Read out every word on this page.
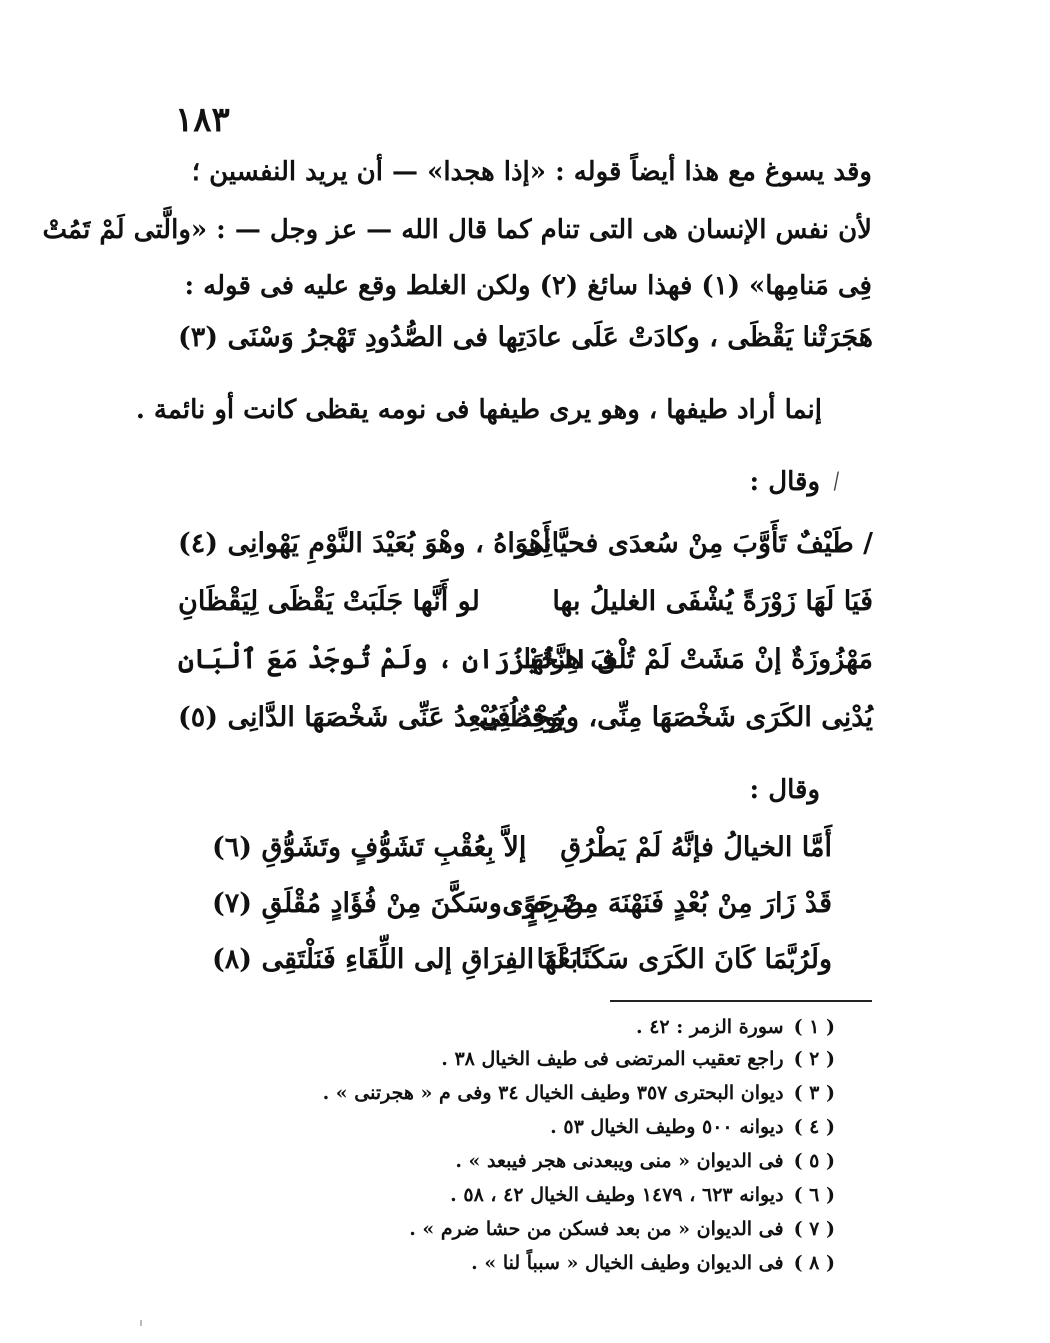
١٨٣
وقد يسوغ مع هذا أيضاً قوله : «إذا هجدا» — أن يريد النفسين ؛
لأن نفس الإنسان هى التى تنام كما قال الله — عز وجل — : «والَّتى لَمْ تَمُتْ
فِى مَنامِها» (١) فهذا سائغ (٢) ولكن الغلط وقع عليه فى قوله :
هَجَرَتْنا يَقْظَى ، وكادَتْ عَلَى عا
دَتِها فى الصُّدُودِ تَهْجرُ وَسْنَى (٣)
إنما أراد طيفها ، وهو يرى طيفها فى نومه يقظى كانت أو نائمة .
⁄
وقال :
/ طَيْفٌ تَأَوَّبَ مِنْ سُعدَى فحيَّانِى
أَهْوَاهُ ، وهْوَ بُعَيْدَ النَّوْمِ يَهْوانِى (٤)
فَيَا لَهَا زَوْرَةً يُشْفَى الغليلُ بها
لو أَنَّها جَلَبَتْ يَقْظَى لِيَقْظَانِ
مَهْزُوزَةٌ إنْ مَشَتْ لَمْ تُلْفَ هِزَّتُهَا
فى الخَيْزُرَانِ ، ولَمْ تُوجَدْ مَعَ ٱلْبَانِ
يُدْنِى الكَرَى شَخْصَهَا مِنِّى، ويُوقِظُنِى
وَجْدٌ فَيُبْعِدُ عَنِّى شَخْصَهَا الدَّانِى (٥)
وقال :
أَمَّا الخيالُ فإنَّهُ لَمْ يَطْرُقِ
إلاَّ بِعُقْبِ تَشَوُّفٍ وتَشَوُّقِ (٦)
قَدْ زَارَ مِنْ بُعْدٍ فَنَهْنَهَ مِنْ جَوًى
ضَرِمٍ ، وسَكَّنَ مِنْ فُؤَادٍ مُقْلَقِ (٧)
ولَرُبَّمَا كَانَ الكَرَى سَكَنًا لَهَا
بَعْدَ الفِرَاقِ إلى اللِّقَاءِ فَنَلْتَقِى (٨)
( ١ )سورة الزمر : ٤٢ .
( ٢ )راجع تعقيب المرتضى فى طيف الخيال ٣٨ .
( ٣ )ديوان البحترى ٣٥٧ وطيف الخيال ٣٤ وفى م « هجرتنى » .
( ٤ )ديوانه ٥٠٠ وطيف الخيال ٥٣ .
( ٥ )فى الديوان « منى ويبعدنى هجر فيبعد » .
( ٦ )ديوانه ٦٢٣ ، ١٤٧٩ وطيف الخيال ٤٢ ، ٥٨ .
( ٧ )فى الديوان « من بعد فسكن من حشا ضرم » .
( ٨ )فى الديوان وطيف الخيال « سبباً لنا » .
